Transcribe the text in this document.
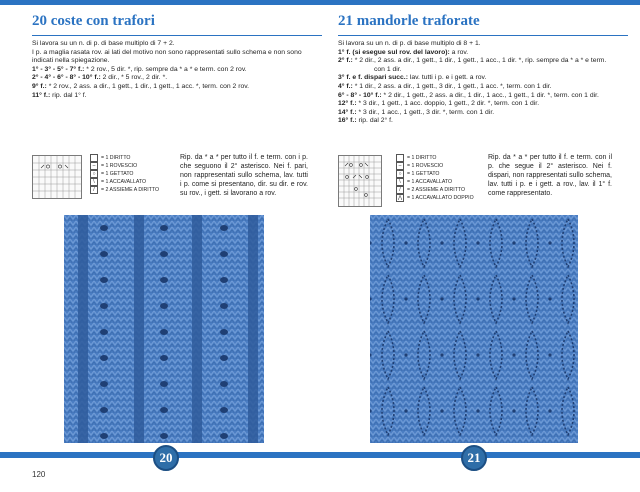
20 coste con trafori

Si lavora su un n. di p. di base multiplo di 7 + 2.

I p. a maglia rasata rov. ai lati del motivo non sono rappresentati sullo schema e non sono indicati nella spiegazione.

1° - 3° - 5° - 7° f.: * 2 rov., 5 dir. *, rip. sempre da * a * e term. con 2 rov.

2° - 4° - 6° - 8° - 10° f.: 2 dir., * 5 rov., 2 dir. *.

9° f.: * 2 rov., 2 ass. a dir., 1 gett., 1 dir., 1 gett., 1 acc. *, term. con 2 rov.

11° f.: rip. dal 1° f.

= 1 DIRITTO
–	= 1 ROVESCIO
○	= 1 GETTATO
\	= 1 ACCAVALLATO
/	= 2 ASSIEME A DIRITTO
Rip. da * a * per tutto il f. e term. con i p. che seguono il 2° asterisco. Nei f. pari, non rappresentati sullo schema, lav. tutti i p. come si presentano, dir. su dir. e rov. su rov., i gett. si lavorano a rov.
21 mandorle traforate

Si lavora su un n. di p. di base multiplo di 8 + 1.

1° f. (si esegue sul rov. del lavoro): a rov.

2° f.: * 2 dir., 2 ass. a dir., 1 gett., 1 dir., 1 gett., 1 acc., 1 dir. *, rip. sempre da * a * e term.

con 1 dir.

3° f. e f. dispari succ.: lav. tutti i p. e i gett. a rov.

4° f.: * 1 dir., 2 ass. a dir., 1 gett., 3 dir., 1 gett., 1 acc. *, term. con 1 dir.

6° - 8° - 10° f.: * 2 dir., 1 gett., 2 ass. a dir., 1 dir., 1 acc., 1 gett., 1 dir. *, term. con 1 dir.

12° f.: * 3 dir., 1 gett., 1 acc. doppio, 1 gett., 2 dir. *, term. con 1 dir.

14° f.: * 3 dir., 1 acc., 1 gett., 3 dir. *, term. con 1 dir.

16° f.: rip. dal 2° f.

= 1 DIRITTO
–	= 1 ROVESCIO
○	= 1 GETTATO
\	= 1 ACCAVALLATO
/	= 2 ASSIEME A DIRITTO
⋀ = 1 ACCAVALLATO DOPPIO
Rip. da * a * per tutto il f. e term. con il p. che segue il 2° asterisco. Nei f. dispari, non rappresentati sullo schema, lav. tutti i p. e i gett. a rov., lav. il 1° f. come rappresentato.
20	21
120
